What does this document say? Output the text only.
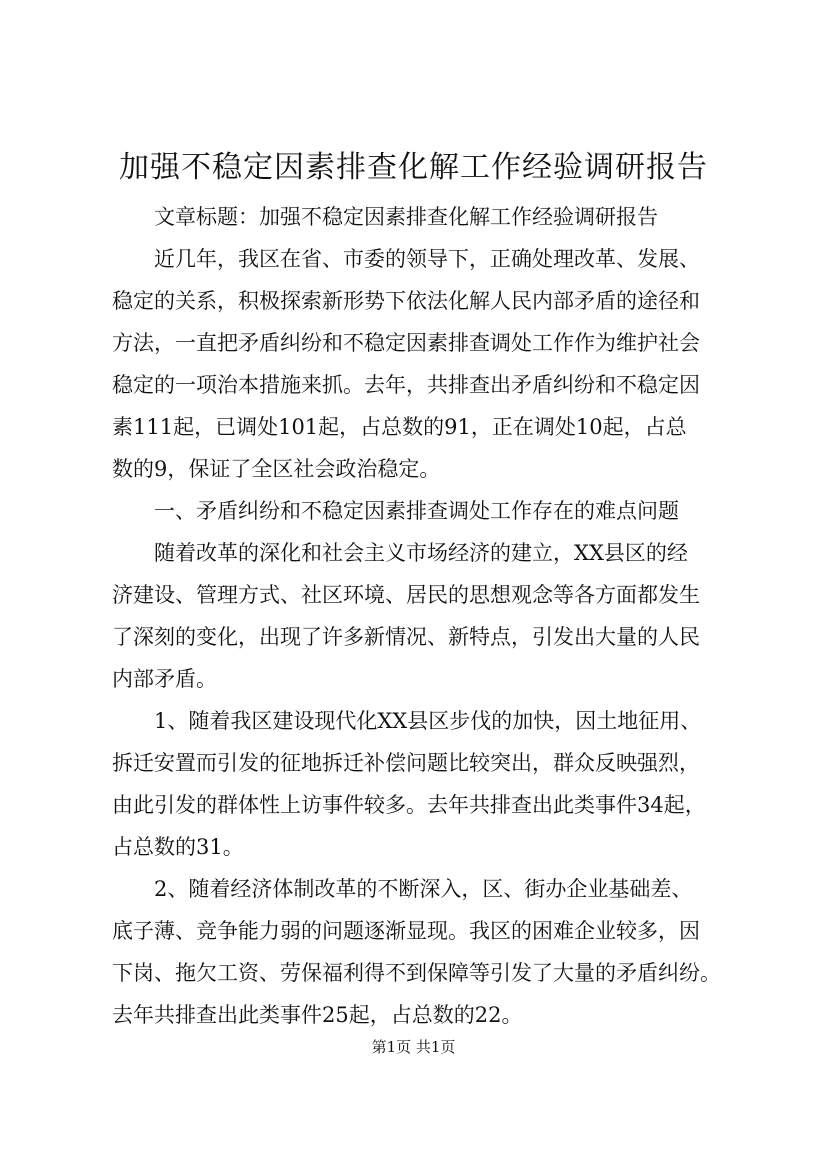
加强不稳定因素排查化解工作经验调研报告
文章标题：加强不稳定因素排查化解工作经验调研报告
近几年，我区在省、市委的领导下，正确处理改革、发展、
稳定的关系，积极探索新形势下依法化解人民内部矛盾的途径和
方法，一直把矛盾纠纷和不稳定因素排查调处工作作为维护社会
稳定的一项治本措施来抓。去年，共排查出矛盾纠纷和不稳定因
素111起，已调处101起，占总数的91，正在调处10起，占总
数的9，保证了全区社会政治稳定。
一、矛盾纠纷和不稳定因素排查调处工作存在的难点问题
随着改革的深化和社会主义市场经济的建立，XX县区的经
济建设、管理方式、社区环境、居民的思想观念等各方面都发生
了深刻的变化，出现了许多新情况、新特点，引发出大量的人民
内部矛盾。
1、随着我区建设现代化XX县区步伐的加快，因土地征用、
拆迁安置而引发的征地拆迁补偿问题比较突出，群众反映强烈，
由此引发的群体性上访事件较多。去年共排查出此类事件34起，
占总数的31。
2、随着经济体制改革的不断深入，区、街办企业基础差、
底子薄、竞争能力弱的问题逐渐显现。我区的困难企业较多，因
下岗、拖欠工资、劳保福利得不到保障等引发了大量的矛盾纠纷。
去年共排查出此类事件25起，占总数的22。
第1页 共1页
